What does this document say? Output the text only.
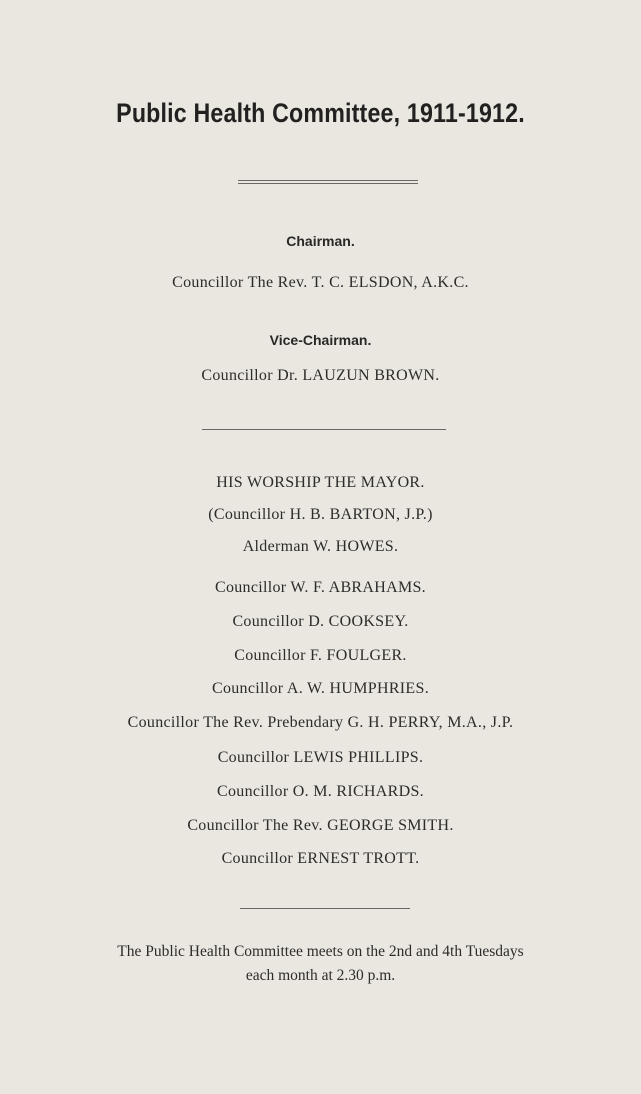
Public Health Committee, 1911-1912.
Chairman.
Councillor The Rev. T. C. ELSDON, A.K.C.
Vice-Chairman.
Councillor Dr. LAUZUN BROWN.
HIS WORSHIP THE MAYOR.
(Councillor H. B. BARTON, J.P.)
Alderman W. HOWES.
Councillor W. F. ABRAHAMS.
Councillor D. COOKSEY.
Councillor F. FOULGER.
Councillor A. W. HUMPHRIES.
Councillor The Rev. Prebendary G. H. PERRY, M.A., J.P.
Councillor LEWIS PHILLIPS.
Councillor O. M. RICHARDS.
Councillor The Rev. GEORGE SMITH.
Councillor ERNEST TROTT.
The Public Health Committee meets on the 2nd and 4th Tuesdays
each month at 2.30 p.m.
